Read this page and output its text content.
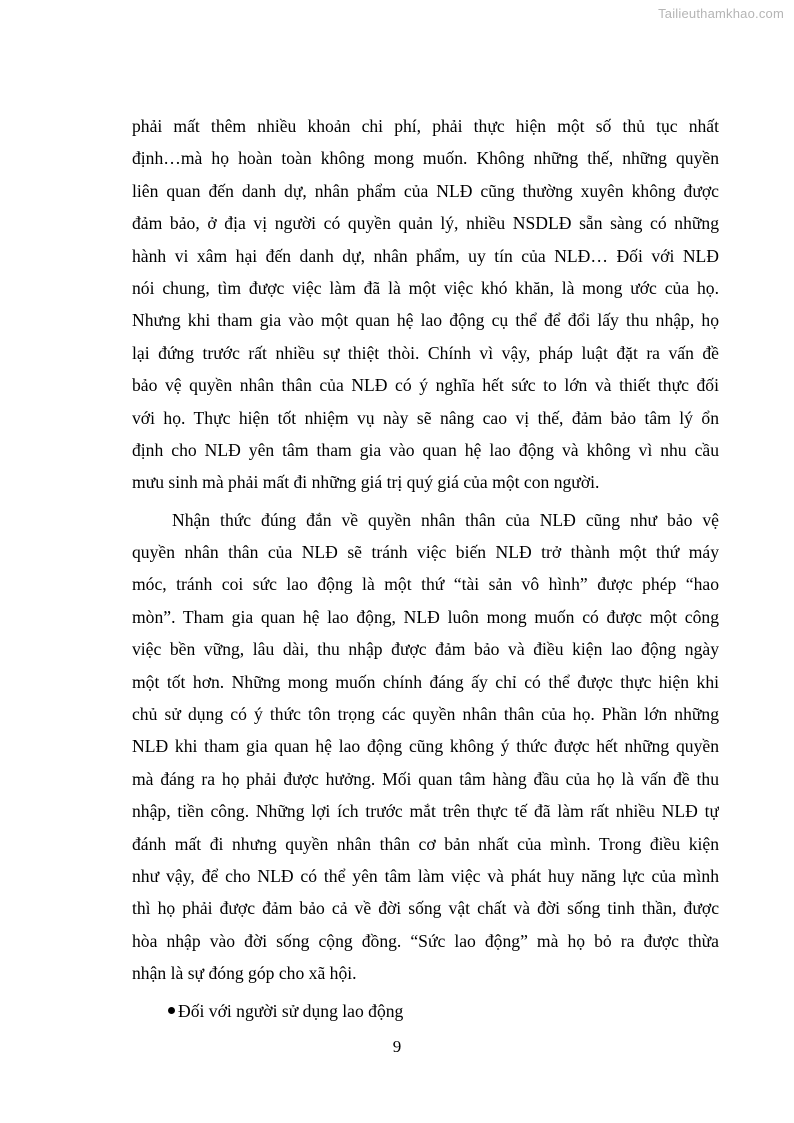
Tailieuthamkhao.com
phải mất thêm nhiều khoản chi phí, phải thực hiện một số thủ tục nhất
định…mà họ hoàn toàn không mong muốn. Không những thế, những quyền
liên quan đến danh dự, nhân phẩm của NLĐ cũng thường xuyên không được
đảm bảo, ở địa vị người có quyền quản lý, nhiều NSDLĐ sẵn sàng có những
hành vi xâm hại đến danh dự, nhân phẩm, uy tín của NLĐ… Đối với NLĐ
nói chung, tìm được việc làm đã là một việc khó khăn, là mong ước của họ.
Nhưng khi tham gia vào một quan hệ lao động cụ thể để đổi lấy thu nhập, họ
lại đứng trước rất nhiều sự thiệt thòi. Chính vì vậy, pháp luật đặt ra vấn đề
bảo vệ quyền nhân thân của NLĐ có ý nghĩa hết sức to lớn và thiết thực đối
với họ. Thực hiện tốt nhiệm vụ này sẽ nâng cao vị thế, đảm bảo tâm lý ổn
định cho NLĐ yên tâm tham gia vào quan hệ lao động và không vì nhu cầu
mưu sinh mà phải mất đi những giá trị quý giá của một con người.
Nhận thức đúng đắn về quyền nhân thân của NLĐ cũng như bảo vệ
quyền nhân thân của NLĐ sẽ tránh việc biến NLĐ trở thành một thứ máy
móc, tránh coi sức lao động là một thứ “tài sản vô hình” được phép “hao
mòn”. Tham gia quan hệ lao động, NLĐ luôn mong muốn có được một công
việc bền vững, lâu dài, thu nhập được đảm bảo và điều kiện lao động ngày
một tốt hơn. Những mong muốn chính đáng ấy chỉ có thể được thực hiện khi
chủ sử dụng có ý thức tôn trọng các quyền nhân thân của họ. Phần lớn những
NLĐ khi tham gia quan hệ lao động cũng không ý thức được hết những quyền
mà đáng ra họ phải được hưởng. Mối quan tâm hàng đầu của họ là vấn đề thu
nhập, tiền công. Những lợi ích trước mắt trên thực tế đã làm rất nhiều NLĐ tự
đánh mất đi nhưng quyền nhân thân cơ bản nhất của mình. Trong điều kiện
như vậy, để cho NLĐ có thể yên tâm làm việc và phát huy năng lực của mình
thì họ phải được đảm bảo cả về đời sống vật chất và đời sống tinh thần, được
hòa nhập vào đời sống cộng đồng. “Sức lao động” mà họ bỏ ra được thừa
nhận là sự đóng góp cho xã hội.
Đối với người sử dụng lao động
9
